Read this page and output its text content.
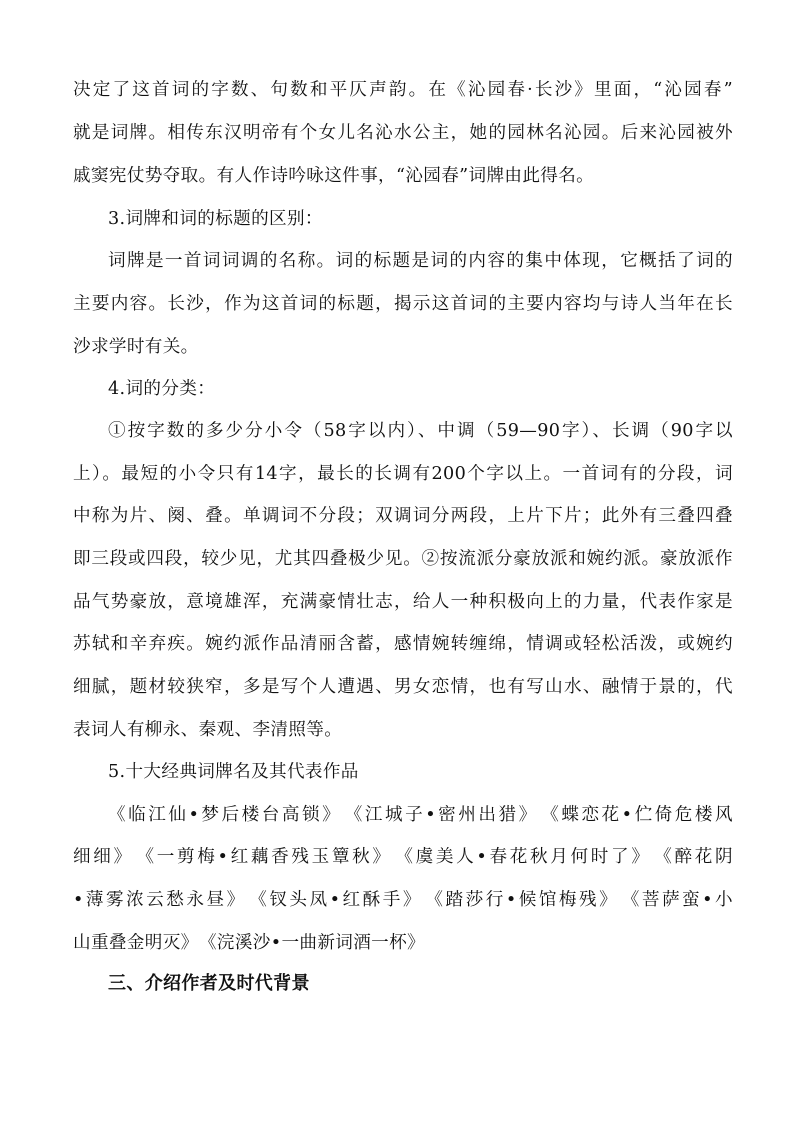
决定了这首词的字数、句数和平仄声韵。在《沁园春·长沙》里面，“沁园春”
就是词牌。相传东汉明帝有个女儿名沁水公主，她的园林名沁园。后来沁园被外
戚窦宪仗势夺取。有人作诗吟咏这件事，“沁园春”词牌由此得名。
3.词牌和词的标题的区别：
词牌是一首词词调的名称。词的标题是词的内容的集中体现，它概括了词的
主要内容。长沙，作为这首词的标题，揭示这首词的主要内容均与诗人当年在长
沙求学时有关。
4.词的分类：
①按字数的多少分小令（58字以内）、中调（59—90字）、长调（90字以
上）。最短的小令只有14字，最长的长调有200个字以上。一首词有的分段，词
中称为片、阕、叠。单调词不分段；双调词分两段，上片下片；此外有三叠四叠
即三段或四段，较少见，尤其四叠极少见。②按流派分豪放派和婉约派。豪放派作
品气势豪放，意境雄浑，充满豪情壮志，给人一种积极向上的力量，代表作家是
苏轼和辛弃疾。婉约派作品清丽含蓄，感情婉转缠绵，情调或轻松活泼，或婉约
细腻，题材较狭窄，多是写个人遭遇、男女恋情，也有写山水、融情于景的，代
表词人有柳永、秦观、李清照等。
5.十大经典词牌名及其代表作品
《临江仙•梦后楼台高锁》　《江城子•密州出猎》　《蝶恋花•伫倚危楼风
细细》　《一剪梅•红藕香残玉簟秋》　《虞美人•春花秋月何时了》　《醉花阴
•薄雾浓云愁永昼》　《钗头凤•红酥手》　《踏莎行•候馆梅残》　《菩萨蛮•小
山重叠金明灭》　《浣溪沙•一曲新词酒一杯》
三、介绍作者及时代背景
